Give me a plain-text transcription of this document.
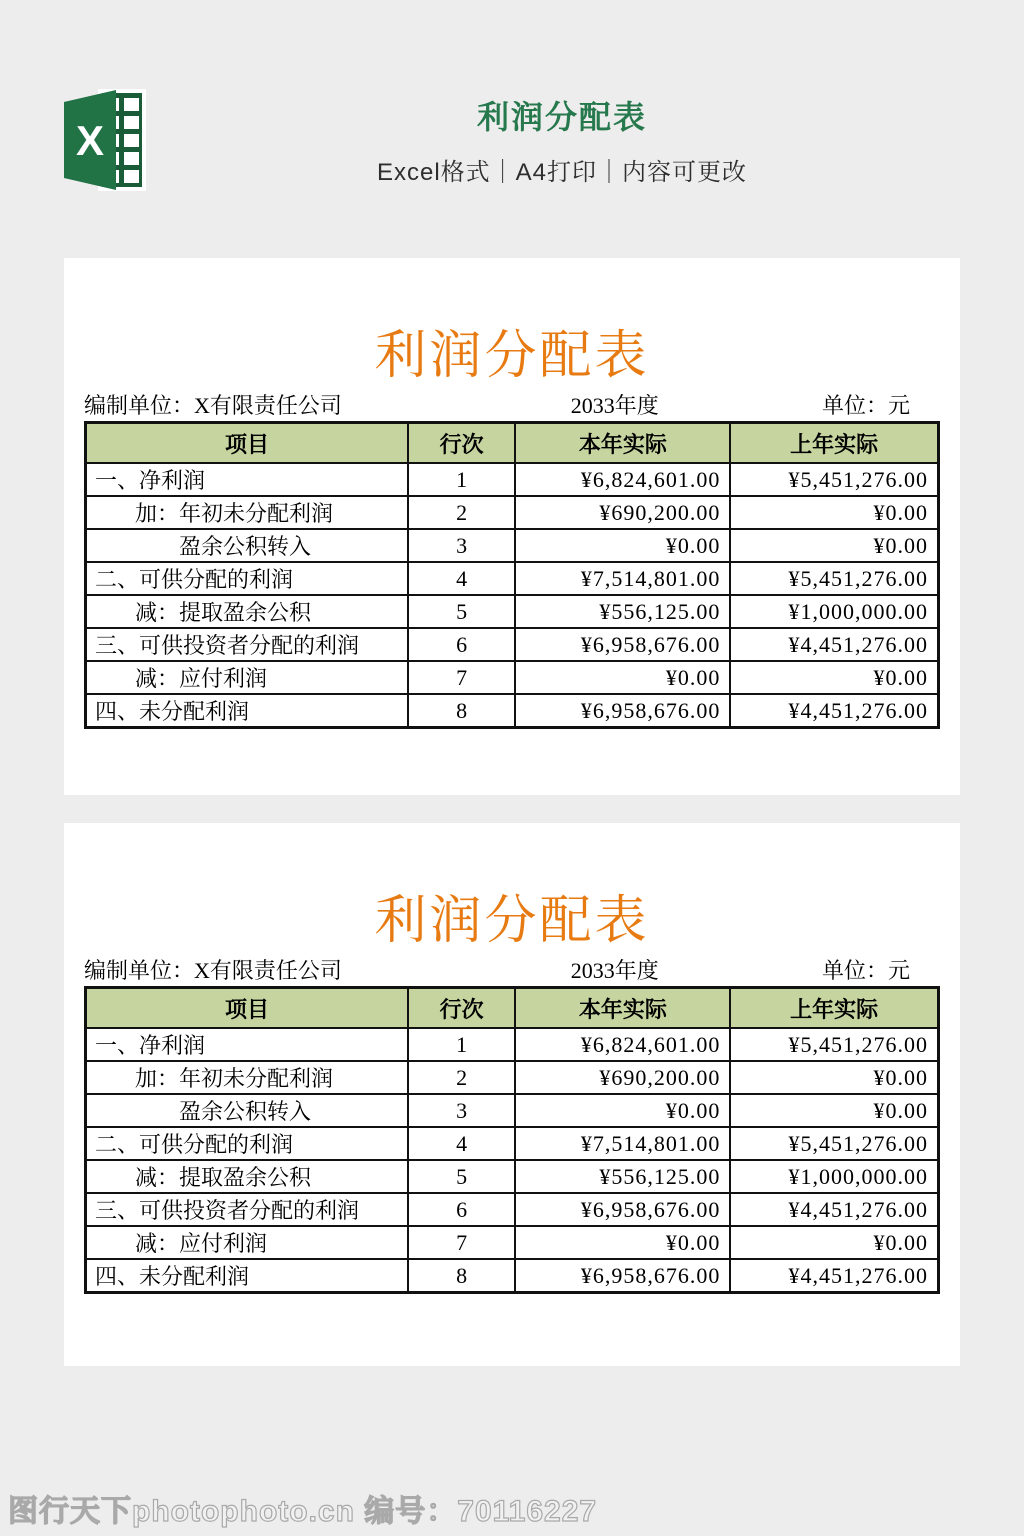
X	利润分配表

Excel格式｜A4打印｜内容可更改

利润分配表
编制单位：X有限责任公司	2033年度	单位：元
项目	行次	本年实际	上年实际
一、净利润	1	¥6,824,601.00	¥5,451,276.00
加：年初未分配利润	2	¥690,200.00	¥0.00
盈余公积转入	3	¥0.00	¥0.00
二、可供分配的利润	4	¥7,514,801.00	¥5,451,276.00
减：提取盈余公积	5	¥556,125.00	¥1,000,000.00
三、可供投资者分配的利润	6	¥6,958,676.00	¥4,451,276.00
减：应付利润	7	¥0.00	¥0.00
四、未分配利润	8	¥6,958,676.00	¥4,451,276.00
利润分配表
编制单位：X有限责任公司	2033年度	单位：元
项目	行次	本年实际	上年实际
一、净利润	1	¥6,824,601.00	¥5,451,276.00
加：年初未分配利润	2	¥690,200.00	¥0.00
盈余公积转入	3	¥0.00	¥0.00
二、可供分配的利润	4	¥7,514,801.00	¥5,451,276.00
减：提取盈余公积	5	¥556,125.00	¥1,000,000.00
三、可供投资者分配的利润	6	¥6,958,676.00	¥4,451,276.00
减：应付利润	7	¥0.00	¥0.00
四、未分配利润	8	¥6,958,676.00	¥4,451,276.00
图行天下photophoto.cn 编号：70116227
